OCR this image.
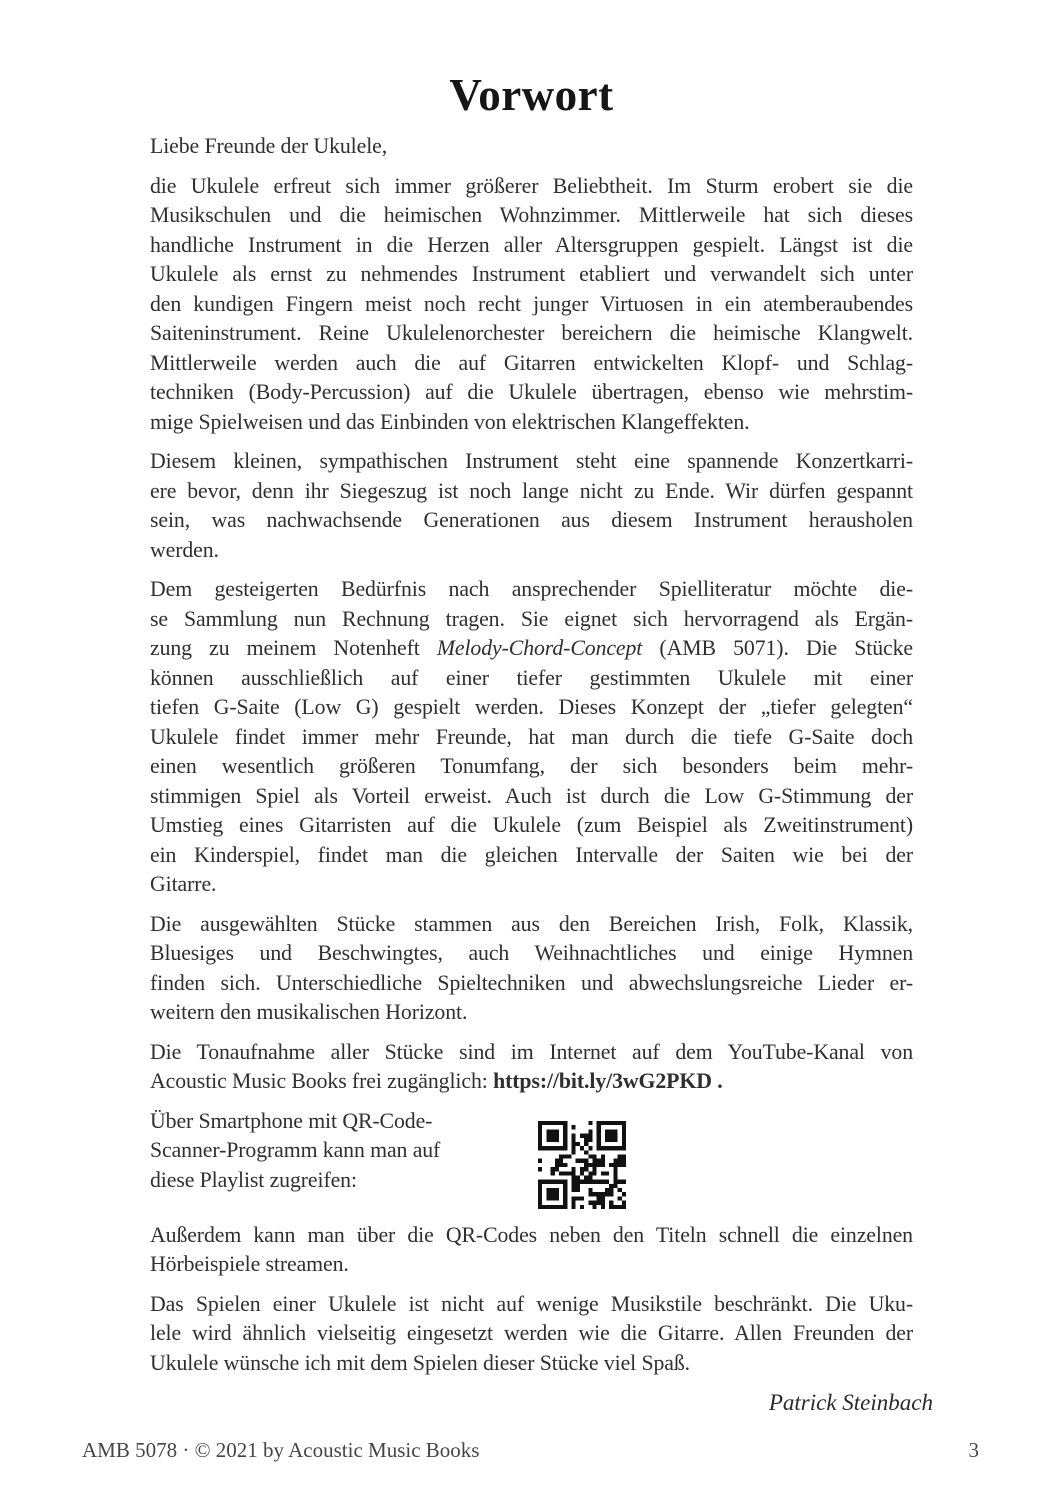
Vorwort
Liebe Freunde der Ukulele,
die Ukulele erfreut sich immer größerer Beliebtheit. Im Sturm erobert sie die
Musikschulen und die heimischen Wohnzimmer. Mittlerweile hat sich dieses
handliche Instrument in die Herzen aller Altersgruppen gespielt. Längst ist die
Ukulele als ernst zu nehmendes Instrument etabliert und verwandelt sich unter
den kundigen Fingern meist noch recht junger Virtuosen in ein atemberaubendes
Saiteninstrument. Reine Ukulelenorchester bereichern die heimische Klangwelt.
Mittlerweile werden auch die auf Gitarren entwickelten Klopf- und Schlag-
techniken (Body-Percussion) auf die Ukulele übertragen, ebenso wie mehrstim-
mige Spielweisen und das Einbinden von elektrischen Klangeffekten.
Diesem kleinen, sympathischen Instrument steht eine spannende Konzertkarri-
ere bevor, denn ihr Siegeszug ist noch lange nicht zu Ende. Wir dürfen gespannt
sein, was nachwachsende Generationen aus diesem Instrument herausholen
werden.
Dem gesteigerten Bedürfnis nach ansprechender Spielliteratur möchte die-
se Sammlung nun Rechnung tragen. Sie eignet sich hervorragend als Ergän-
zung zu meinem Notenheft Melody-Chord-Concept (AMB 5071). Die Stücke
können ausschließlich auf einer tiefer gestimmten Ukulele mit einer
tiefen G-Saite (Low G) gespielt werden. Dieses Konzept der „tiefer gelegten“
Ukulele findet immer mehr Freunde, hat man durch die tiefe G-Saite doch
einen wesentlich größeren Tonumfang, der sich besonders beim mehr-
stimmigen Spiel als Vorteil erweist. Auch ist durch die Low G-Stimmung der
Umstieg eines Gitarristen auf die Ukulele (zum Beispiel als Zweitinstrument)
ein Kinderspiel, findet man die gleichen Intervalle der Saiten wie bei der
Gitarre.
Die ausgewählten Stücke stammen aus den Bereichen Irish, Folk, Klassik,
Bluesiges und Beschwingtes, auch Weihnachtliches und einige Hymnen
finden sich. Unterschiedliche Spieltechniken und abwechslungsreiche Lieder er-
weitern den musikalischen Horizont.
Die Tonaufnahme aller Stücke sind im Internet auf dem YouTube-Kanal von
Acoustic Music Books frei zugänglich: https://bit.ly/3wG2PKD .
Über Smartphone mit QR-Code-
Scanner-Programm kann man auf
diese Playlist zugreifen:
Außerdem kann man über die QR-Codes neben den Titeln schnell die einzelnen
Hörbeispiele streamen.
Das Spielen einer Ukulele ist nicht auf wenige Musikstile beschränkt. Die Uku-
lele wird ähnlich vielseitig eingesetzt werden wie die Gitarre. Allen Freunden der
Ukulele wünsche ich mit dem Spielen dieser Stücke viel Spaß.
Patrick Steinbach
AMB 5078 · © 2021 by Acoustic Music Books	3
